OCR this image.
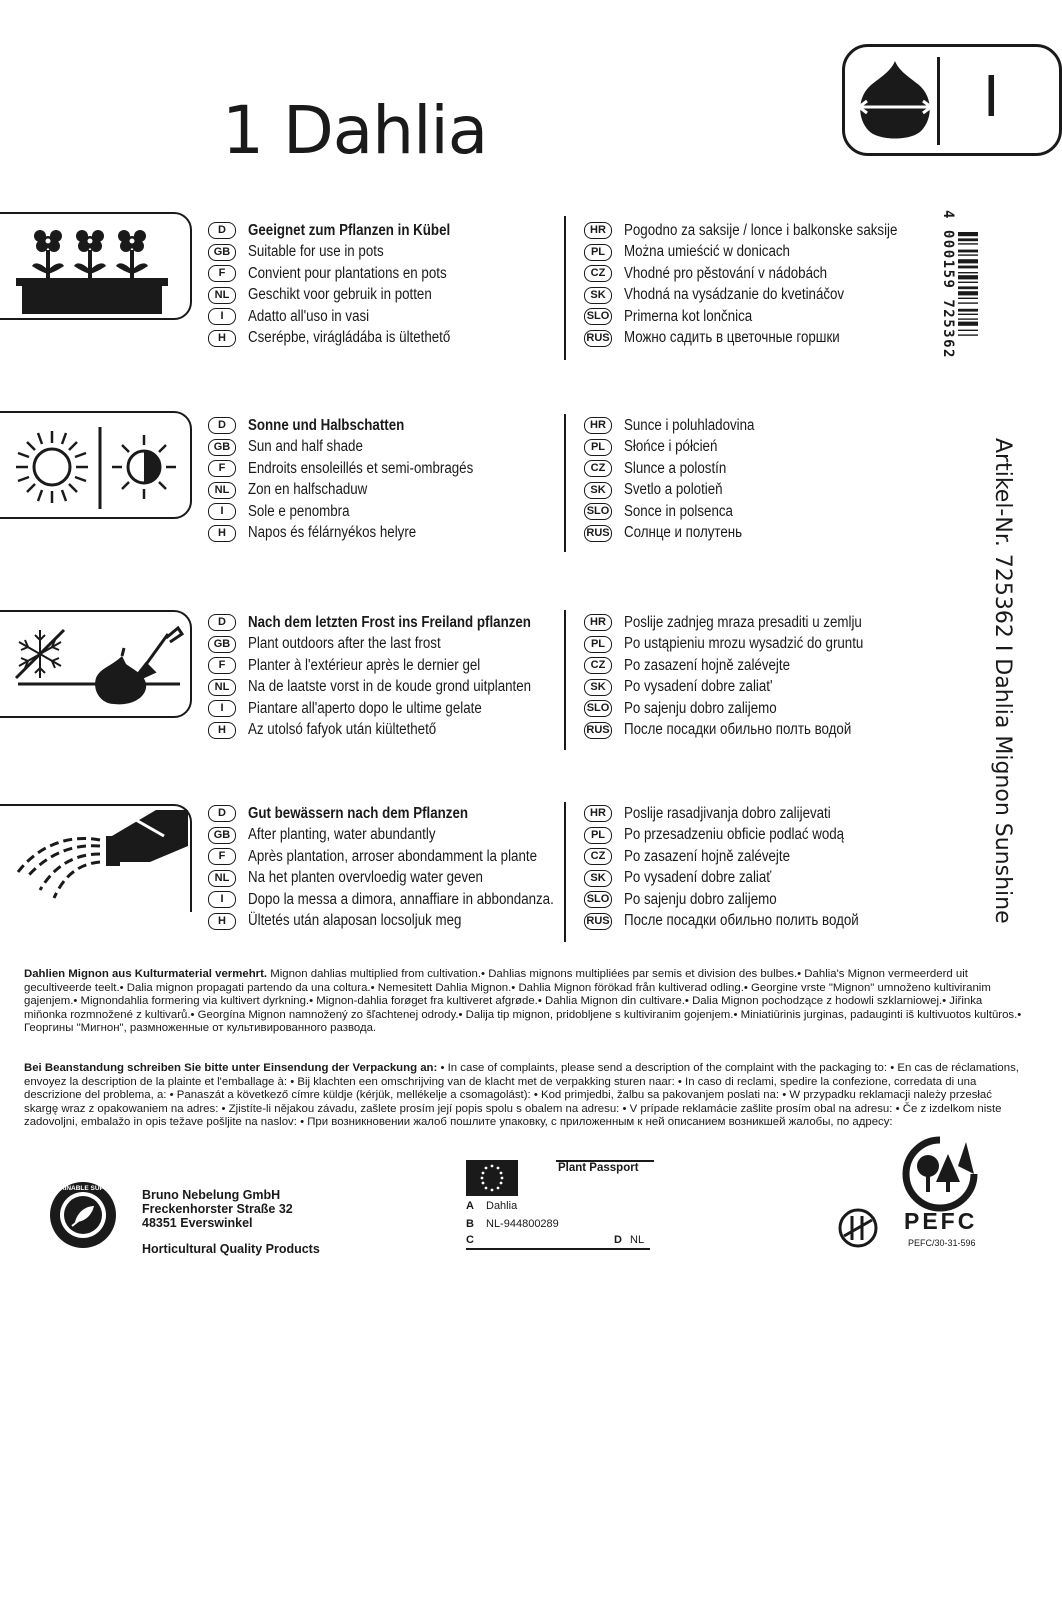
1 Dahlia	I
D	Geeignet zum Pflanzen in Kübel
GB	Suitable for use in pots
F	Convient pour plantations en pots
NL	Geschikt voor gebruik in potten
I	Adatto all'uso in vasi
H	Cserépbe, virágládába is ültethető
HR	Pogodno za saksije / lonce i balkonske saksije
PL	Można umieścić w donicach
CZ	Vhodné pro pěstování v nádobách
SK	Vhodná na vysádzanie do kvetináčov
SLO Primerna kot lončnica
RUS Можно садить в цветочные горшки
D	Sonne und Halbschatten
GB	Sun and half shade
F	Endroits ensoleillés et semi-ombragés
NL	Zon en halfschaduw
I	Sole e penombra
H	Napos és félárnyékos helyre
HR	Sunce i poluhladovina
PL	Słońce i półcień
CZ	Slunce a polostín
SK	Svetlo a polotieň
SLO Sonce in polsenca
RUS Солнце и полутень
D	Nach dem letzten Frost ins Freiland pflanzen
GB	Plant outdoors after the last frost
F	Planter à l'extérieur après le dernier gel
NL	Na de laatste vorst in de koude grond uitplanten
I	Piantare all'aperto dopo le ultime gelate
H	Az utolsó fafyok után kiültethető
HR	Poslije zadnjeg mraza presaditi u zemlju
PL	Po ustąpieniu mrozu wysadzić do gruntu
CZ	Po zasazení hojně zalévejte
SK	Po vysadení dobre zaliat'
SLO Po sajenju dobro zalijemo
RUS После посадки обильно полть водой
D	Gut bewässern nach dem Pflanzen
GB	After planting, water abundantly
F	Après plantation, arroser abondamment la plante
NL	Na het planten overvloedig water geven
I	Dopo la messa a dimora, annaffiare in abbondanza.
H	Ültetés után alaposan locsoljuk meg
HR	Poslije rasadjivanja dobro zalijevati
PL	Po przesadzeniu obficie podlać wodą
CZ	Po zasazení hojně zalévejte
SK	Po vysadení dobre zaliať
SLO Po sajenju dobro zalijemo
RUS После посадки обильно полить водой
4 000159 725362
Artikel-Nr. 725362 I Dahlia Mignon Sunshine
Dahlien Mignon aus Kulturmaterial vermehrt. Mignon dahlias multiplied from cultivation.• Dahlias mignons multipliées par semis et division des bulbes.• Dahlia's Mignon vermeerderd uit gecultiveerde teelt.• Dalia mignon propagati partendo da una coltura.• Nemesitett Dahlia Mignon.• Dahlia Mignon förökad från kultiverad odling.• Georgine vrste "Mignon" umnoženo kultiviranim gajenjem.• Mignondahlia formering via kultivert dyrkning.• Mignon-dahlia forøget fra kultiveret afgrøde.• Dahlia Mignon din cultivare.• Dalia Mignon pochodzące z hodowli szklarniowej.• Jiřinka miňonka rozmnožené z kultivarů.• Georgína Mignon namnožený zo šľachtenej odrody.• Dalija tip mignon, pridobljene s kultiviranim gojenjem.• Miniatiūrinis jurginas, padauginti iš kultivuotos kultūros.• Георгины "Мигнон", размноженные от культивированного развода.
Bei Beanstandung schreiben Sie bitte unter Einsendung der Verpackung an: • In case of complaints, please send a description of the complaint with the packaging to: • En cas de réclamations, envoyez la description de la plainte et l'emballage à: • Bij klachten een omschrijving van de klacht met de verpakking sturen naar: • In caso di reclami, spedire la confezione, corredata di una descrizione del problema, a: • Panaszát a következő címre küldje (kérjük, mellékelje a csomagolást): • Kod primjedbi, žalbu sa pakovanjem poslati na: • W przypadku reklamacji należy przesłać skargę wraz z opakowaniem na adres: • Zjistíte-li nějakou závadu, zašlete prosím její popis spolu s obalem na adresu: • V prípade reklamácie zašlite prosím obal na adresu: • Če z izdelkom niste zadovoljni, embalažo in opis težave pošljite na naslov: • При возникновении жалоб пошлите упаковку, с приложенным к ней описанием возникшей жалобы, по адресу:
SUSTAINABLE SUPPLIER Bruno Nebelung GmbH
Freckenhorster Straße 32
48351 Everswinkel
Horticultural Quality Products
Plant Passport
A Dahlia
B NL-944800289
C	D NL
PEFC
PEFC/30-31-596
